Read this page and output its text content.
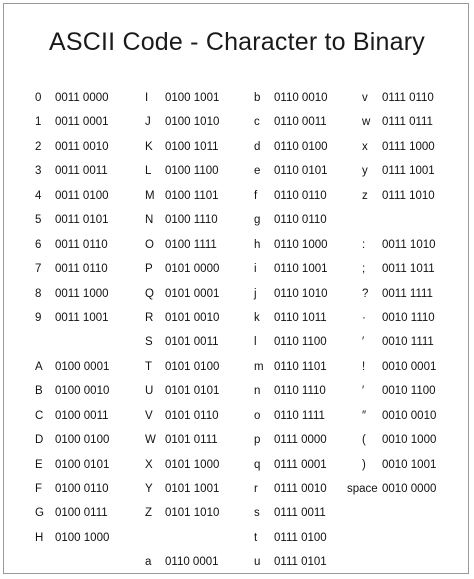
ASCII Code - Character to Binary
0 0011 0000
1 0011 0001
2 0011 0010
3 0011 0011
4 0011 0100
5 0011 0101
6 0011 0110
7 0011 0110
8 0011 1000
9 0011 1001
A 0100 0001
B 0100 0010
C 0100 0011
D 0100 0100
E 0100 0101
F 0100 0110
G 0100 0111
H 0100 1000
I 0100 1001
J 0100 1010
K 0100 1011
L 0100 1100
M 0100 1101
N 0100 1110
O 0100 1111
P 0101 0000
Q 0101 0001
R 0101 0010
S 0101 0011
T 0101 0100
U 0101 0101
V 0101 0110
W 0101 0111
X 0101 1000
Y 0101 1001
Z 0101 1010
a 0110 0001
b 0110 0010
c 0110 0011
d 0110 0100
e 0110 0101
f 0110 0110
g 0110 0110
h 0110 1000
i 0110 1001
j 0110 1010
k 0110 1011
l 0110 1100
m 0110 1101
n 0110 1110
o 0110 1111
p 0111 0000
q 0111 0001
r 0111 0010
s 0111 0011
t 0111 0100
u 0111 0101
v 0111 0110
w 0111 0111
x 0111 1000
y 0111 1001
z 0111 1010
: 0011 1010
; 0011 1011
? 0011 1111
· 0010 1110
′ 0010 1111
! 0010 0001
′ 0010 1100
″ 0010 0010
( 0010 1000
) 0010 1001
space 0010 0000
